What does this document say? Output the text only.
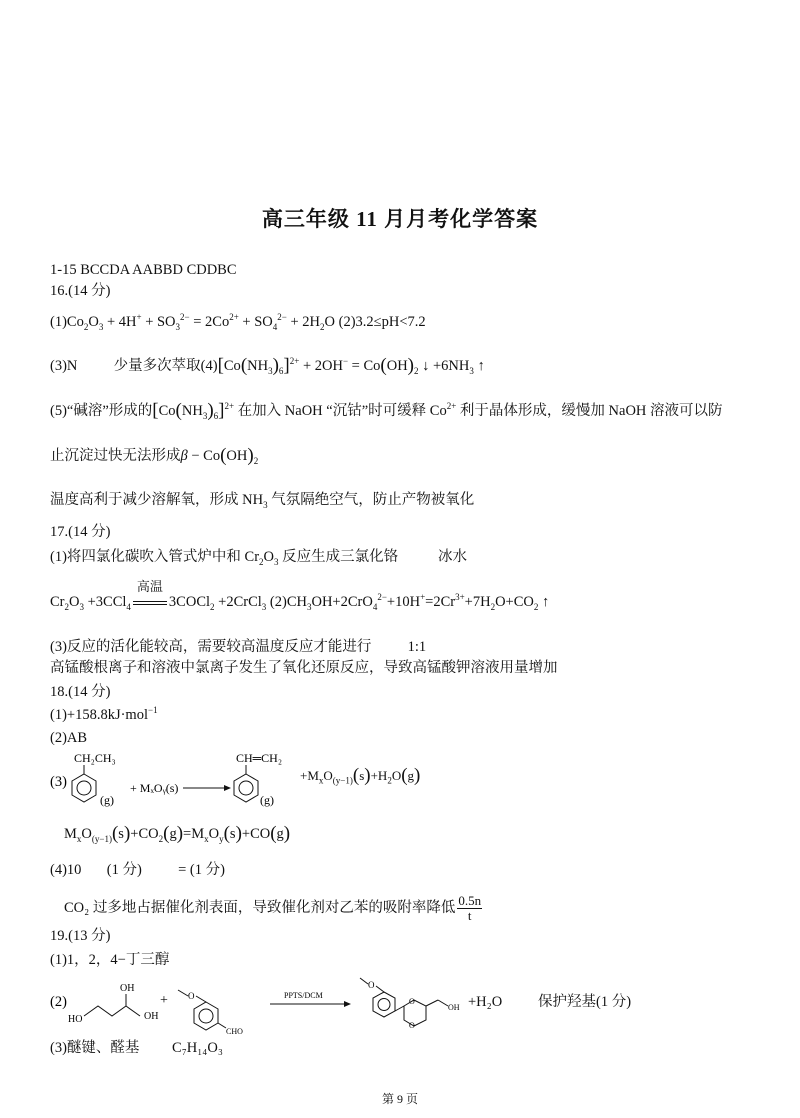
高三年级 11 月月考化学答案
1-15 BCCDA AABBD CDDBC
16.(14 分)
$(1)Co_2O_3 + 4H^+ + SO_3^{2-} = 2Co^{2+} + SO_4^{2-} + 2H_2O$ (2)3.2≤pH<7.2
(3)N	少量多次萃取$(4)[Co(NH_3)_6]^{2+} + 2OH^- = Co(OH)_2$ ↓ $+6NH_3$ ↑
(5)“碱溶”形成的$[Co(NH_3)_6]^{2+}$ 在加入 NaOH “沉钴”时可缓释 $Co^{2+}$ 利于晶体形成，缓慢加 NaOH 溶液可以防
止沉淀过快无法形成$\beta - Co(OH)_2$
温度高利于减少溶解氧，形成 $NH_3$ 气氛隔绝空气，防止产物被氧化
17.(14 分)
(1)将四氯化碳吹入管式炉中和 $Cr_2O_3$ 反应生成三氯化铬	冰水
$Cr_2O_3 +3CCl_4$
高温
3COCl$_2$ +2CrCl$_3$ $(2)CH_3OH+2CrO_4^{2-}+10H^+=2Cr^{3+}+7H_2O+CO_2$ ↑
(3)反应的活化能较高，需要较高温度反应才能进行	1:1
高锰酸根离子和溶液中氯离子发生了氧化还原反应，导致高锰酸钾溶液用量增加
18.(14 分)
(1)+158.8kJ·mol$^{-1}$
(2)AB
(3)
CH₂CH₃
(g)
+ MₓOᵧ(s)
CH═CH₂
(g)
$+M_xO_{(y-1)}(s)+H_2O(g)$
$M_xO_{(y-1)}(s)+CO_2(g)=M_xO_y(s)+CO(g)$
(4)10 (1 分)	= (1 分)
CO₂ 过多地占据催化剂表面，导致催化剂对乙苯的吸附率降低 $\frac{0.5n}{t}$
19.(13 分)
(1)1，2，4−丁三醇
(2)
HO
OH
OH
+ O
CHO
PPTS/DCM
O
O
O
OH +H₂O 保护羟基(1 分)
(3)醚键、醛基 C₇H₁₄O₃
第 9 页
